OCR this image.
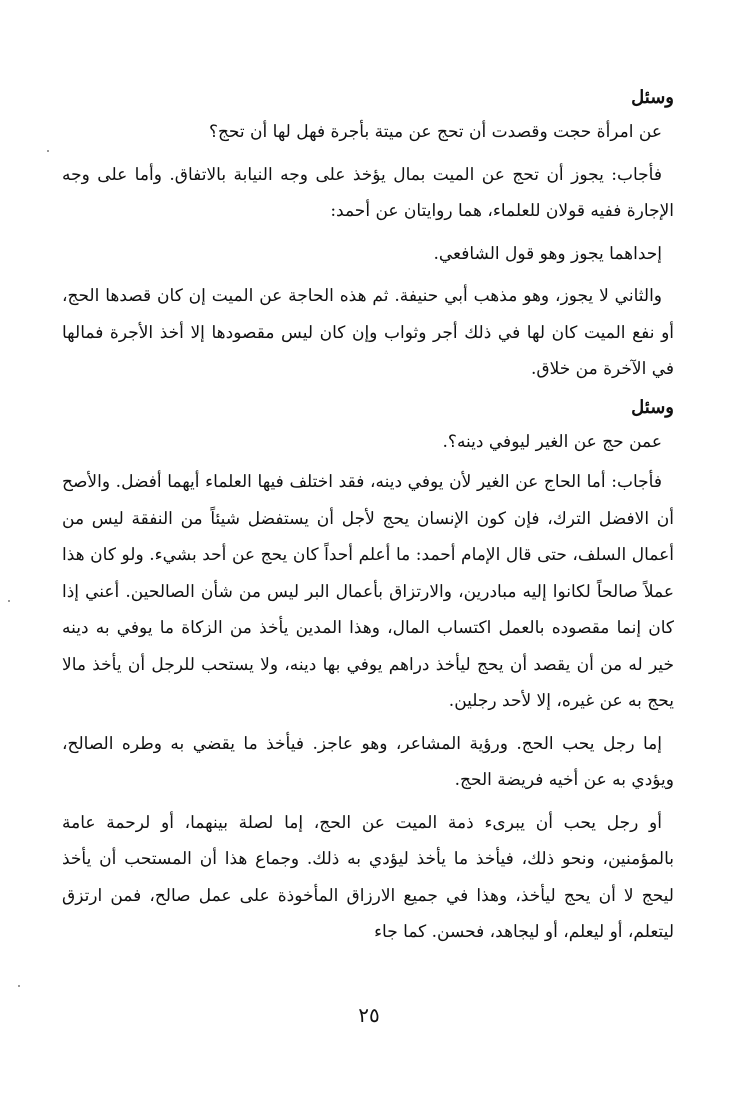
وسئل

عن امرأة حجت وقصدت أن تحج عن ميتة بأجرة فهل لها أن تحج؟

فأجاب: يجوز أن تحج عن الميت بمال يؤخذ على وجه النيابة بالاتفاق. وأما على وجه الإجارة ففيه قولان للعلماء، هما روايتان عن أحمد:

إحداهما يجوز وهو قول الشافعي.

والثاني لا يجوز، وهو مذهب أبي حنيفة. ثم هذه الحاجة عن الميت إن كان قصدها الحج، أو نفع الميت كان لها في ذلك أجر وثواب وإن كان ليس مقصودها إلا أخذ الأجرة فمالها في الآخرة من خلاق.

وسئل

عمن حج عن الغير ليوفي دينه؟.

فأجاب: أما الحاج عن الغير لأن يوفي دينه، فقد اختلف فيها العلماء أيهما أفضل. والأصح أن الافضل الترك، فإن كون الإنسان يحج لأجل أن يستفضل شيئاً من النفقة ليس من أعمال السلف، حتى قال الإمام أحمد: ما أعلم أحداً كان يحج عن أحد بشيء. ولو كان هذا عملاً صالحاً لكانوا إليه مبادرين، والارتزاق بأعمال البر ليس من شأن الصالحين. أعني إذا كان إنما مقصوده بالعمل اكتساب المال، وهذا المدين يأخذ من الزكاة ما يوفي به دينه خير له من أن يقصد أن يحج ليأخذ دراهم يوفي بها دينه، ولا يستحب للرجل أن يأخذ مالا يحج به عن غيره، إلا لأحد رجلين.

إما رجل يحب الحج. ورؤية المشاعر، وهو عاجز. فيأخذ ما يقضي به وطره الصالح، ويؤدي به عن أخيه فريضة الحج.

أو رجل يحب أن يبرىء ذمة الميت عن الحج، إما لصلة بينهما، أو لرحمة عامة بالمؤمنين، ونحو ذلك، فيأخذ ما يأخذ ليؤدي به ذلك. وجماع هذا أن المستحب أن يأخذ ليحج لا أن يحج ليأخذ، وهذا في جميع الارزاق المأخوذة على عمل صالح، فمن ارتزق ليتعلم، أو ليعلم، أو ليجاهد، فحسن. كما جاء

٢٥
